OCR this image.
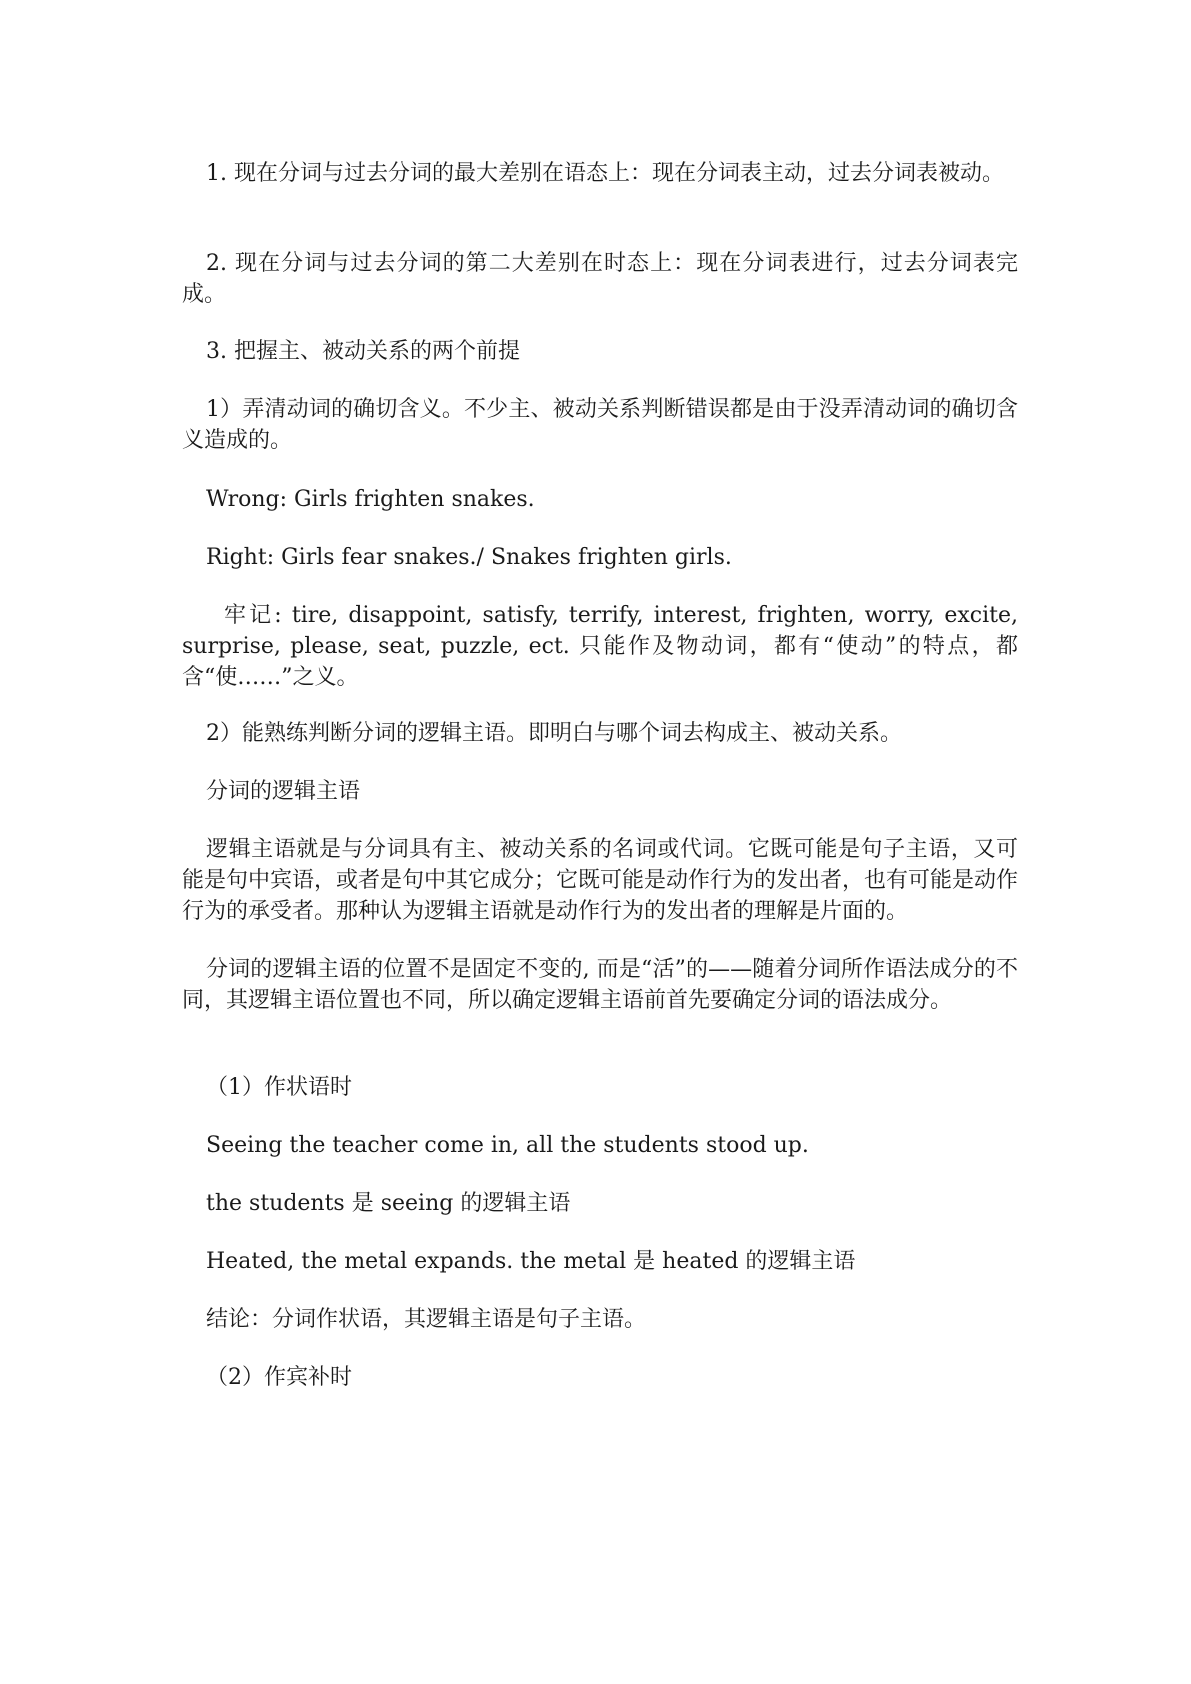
1. 现在分词与过去分词的最大差别在语态上：现在分词表主动，过去分词表被动。

2. 现在分词与过去分词的第二大差别在时态上：现在分词表进行，过去分词表完成。

3. 把握主、被动关系的两个前提

1）弄清动词的确切含义。不少主、被动关系判断错误都是由于没弄清动词的确切含义造成的。

Wrong: Girls frighten snakes.

Right: Girls fear snakes./ Snakes frighten girls.

牢记: tire, disappoint, satisfy, terrify, interest, frighten, worry, excite, surprise, please, seat, puzzle, ect. 只能作及物动词，都有“使动”的特点，都含“使……”之义。

2）能熟练判断分词的逻辑主语。即明白与哪个词去构成主、被动关系。

分词的逻辑主语

逻辑主语就是与分词具有主、被动关系的名词或代词。它既可能是句子主语，又可能是句中宾语，或者是句中其它成分；它既可能是动作行为的发出者，也有可能是动作行为的承受者。那种认为逻辑主语就是动作行为的发出者的理解是片面的。

分词的逻辑主语的位置不是固定不变的, 而是“活”的——随着分词所作语法成分的不同，其逻辑主语位置也不同，所以确定逻辑主语前首先要确定分词的语法成分。

（1）作状语时

Seeing the teacher come in, all the students stood up.

the students 是 seeing 的逻辑主语

Heated, the metal expands. the metal 是 heated 的逻辑主语

结论：分词作状语，其逻辑主语是句子主语。

（2）作宾补时
